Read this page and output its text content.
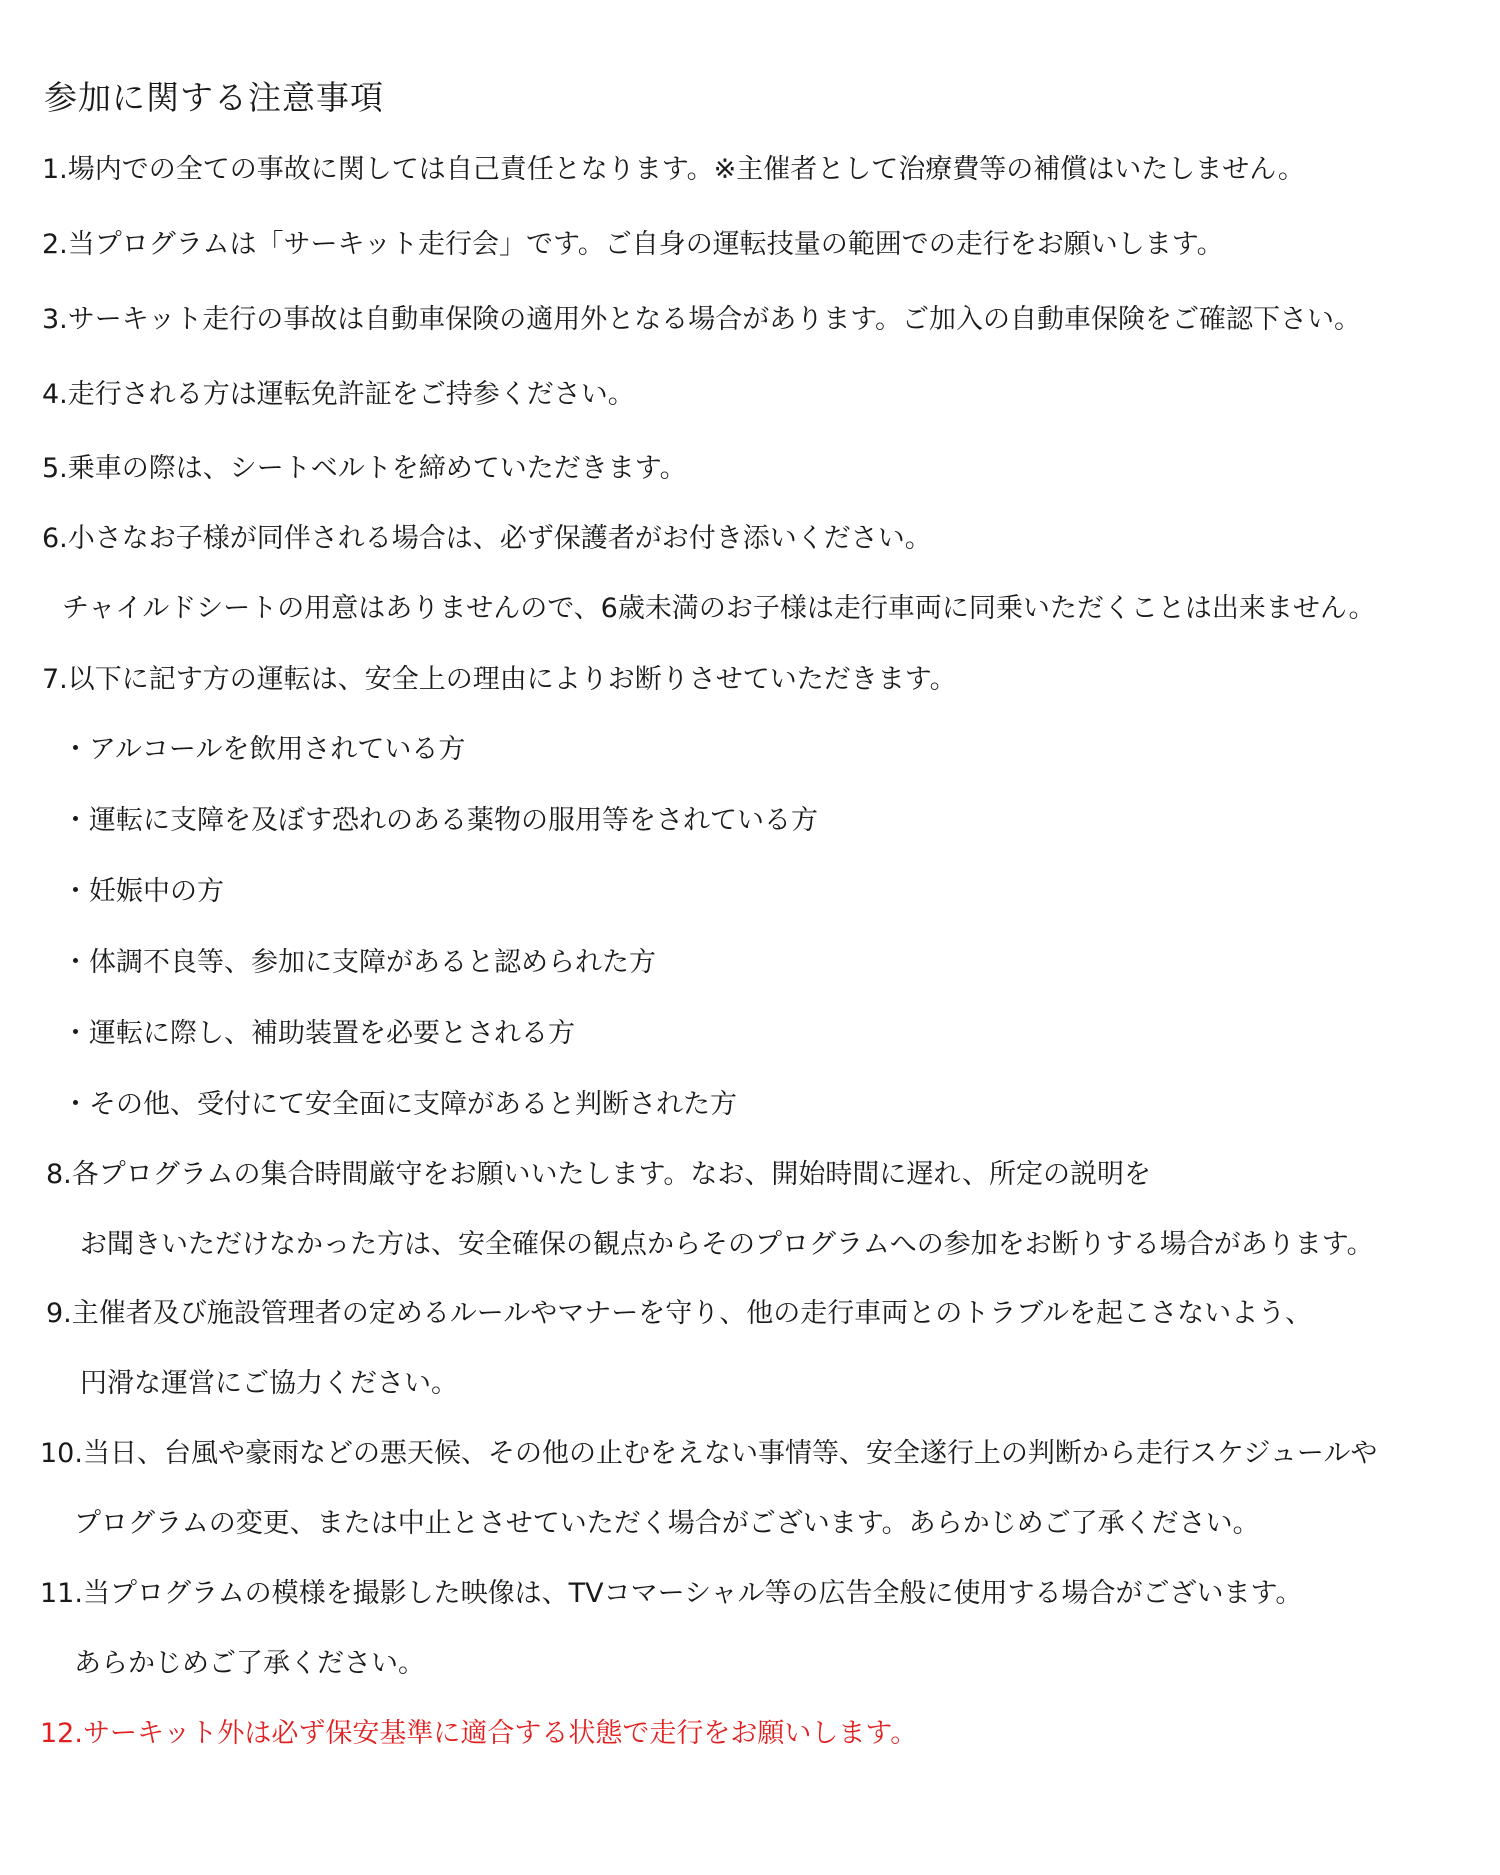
参加に関する注意事項
1.場内での全ての事故に関しては自己責任となります。※主催者として治療費等の補償はいたしません。
2.当プログラムは「サーキット走行会」です。ご自身の運転技量の範囲での走行をお願いします。
3.サーキット走行の事故は自動車保険の適用外となる場合があります。ご加入の自動車保険をご確認下さい。
4.走行される方は運転免許証をご持参ください。
5.乗車の際は、シートベルトを締めていただきます。
6.小さなお子様が同伴される場合は、必ず保護者がお付き添いください。
チャイルドシートの用意はありませんので、6歳未満のお子様は走行車両に同乗いただくことは出来ません。
7.以下に記す方の運転は、安全上の理由によりお断りさせていただきます。
・アルコールを飲用されている方
・運転に支障を及ぼす恐れのある薬物の服用等をされている方
・妊娠中の方
・体調不良等、参加に支障があると認められた方
・運転に際し、補助装置を必要とされる方
・その他、受付にて安全面に支障があると判断された方
8.各プログラムの集合時間厳守をお願いいたします。なお、開始時間に遅れ、所定の説明を
お聞きいただけなかった方は、安全確保の観点からそのプログラムへの参加をお断りする場合があります。
9.主催者及び施設管理者の定めるルールやマナーを守り、他の走行車両とのトラブルを起こさないよう、
円滑な運営にご協力ください。
10.当日、台風や豪雨などの悪天候、その他の止むをえない事情等、安全遂行上の判断から走行スケジュールや
プログラムの変更、または中止とさせていただく場合がございます。あらかじめご了承ください。
11.当プログラムの模様を撮影した映像は、TVコマーシャル等の広告全般に使用する場合がございます。
あらかじめご了承ください。
12.サーキット外は必ず保安基準に適合する状態で走行をお願いします。
